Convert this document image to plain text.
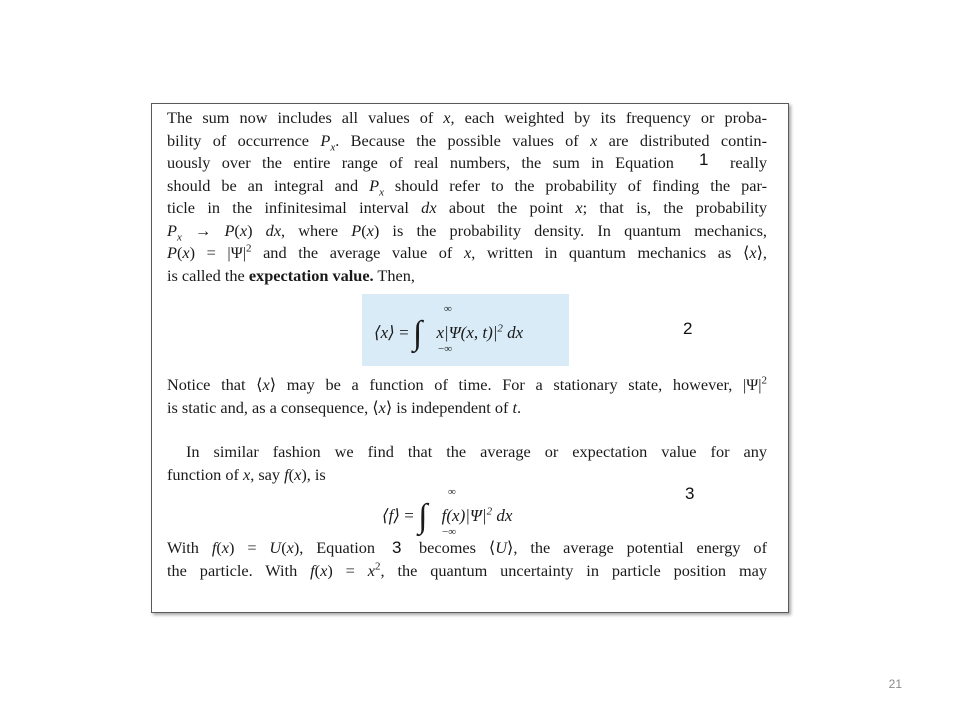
The sum now includes all values of x, each weighted by its frequency or proba-
bility of occurrence $P_x$. Because the possible values of x are distributed contin-
uously over the entire range of real numbers, the sum in Equation	really
should be an integral and $P_x$ should refer to the probability of finding the par-
ticle in the infinitesimal interval dx about the point x; that is, the probability
$P_x \to P(x)$ dx, where P(x) is the probability density. In quantum mechanics,
$P(x) = |\Psi|^2$ and the average value of x, written in quantum mechanics as ⟨x⟩,
is called the expectation value. Then,
⟨x⟩ = ∫
∞
−∞
x|Ψ(x, $t)|^2$ dx
Notice that ⟨x⟩ may be a function of time. For a stationary state, however, $|\Psi|^2$
is static and, as a consequence, ⟨x⟩ is independent of t.
In similar fashion we find that the average or expectation value for any
function of x, say f(x), is
⟨f⟩ = ∫
∞
−∞
$f(x)|\Psi|^2$ dx
With f(x) = U(x), Equation	becomes ⟨U⟩, the average potential energy of
the particle. With $f(x) = x^2$, the quantum uncertainty in particle position may
1
2
3
3
21
